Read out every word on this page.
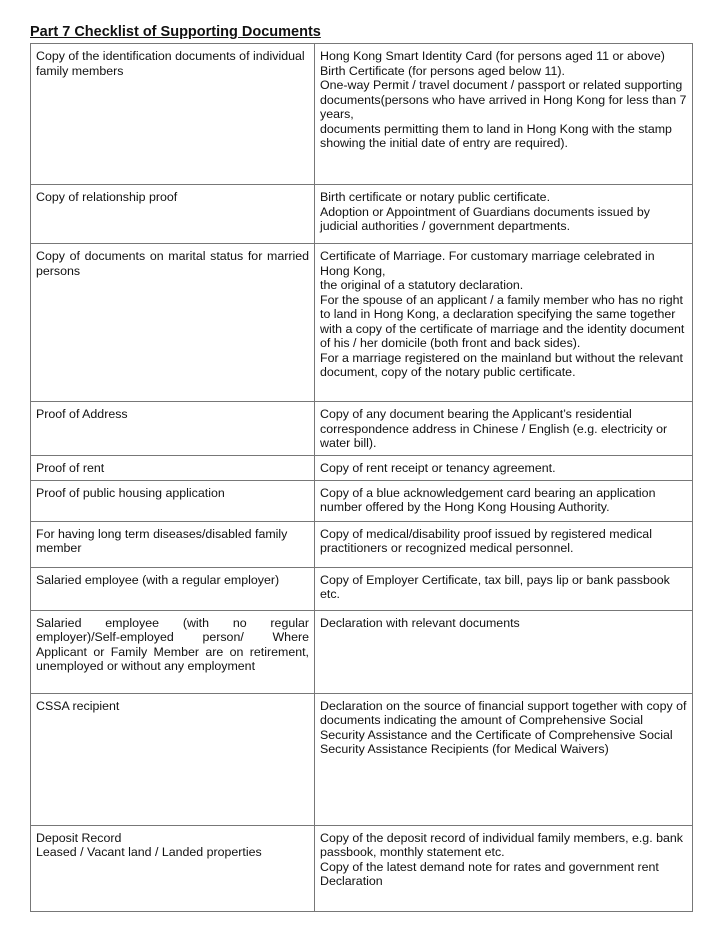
Part 7 Checklist of Supporting Documents
Copy of the identification documents of individual family members	Hong Kong Smart Identity Card (for persons aged 11 or above)
Birth Certificate (for persons aged below 11).
One-way Permit / travel document / passport or related supporting
documents(persons who have arrived in Hong Kong for less than 7 years,
documents permitting them to land in Hong Kong with the stamp showing the initial date of entry are required).

Copy of relationship proof	Birth certificate or notary public certificate.
Adoption or Appointment of Guardians documents issued by judicial authorities / government departments.

Copy of documents on marital status for married persons	Certificate of Marriage. For customary marriage celebrated in Hong Kong,
the original of a statutory declaration.
For the spouse of an applicant / a family member who has no right to land in Hong Kong, a declaration specifying the same together with a copy of the certificate of marriage and the identity document of his / her domicile (both front and back sides).
For a marriage registered on the mainland but without the relevant document, copy of the notary public certificate.

Proof of Address	Copy of any document bearing the Applicant’s residential correspondence address in Chinese / English (e.g. electricity or water bill).

Proof of rent	Copy of rent receipt or tenancy agreement.

Proof of public housing application	Copy of a blue acknowledgement card bearing an application number offered by the Hong Kong Housing Authority.

For having long term diseases/disabled family member	Copy of medical/disability proof issued by registered medical practitioners or recognized medical personnel.

Salaried employee (with a regular employer)	Copy of Employer Certificate, tax bill, pays lip or bank passbook etc.

Salaried employee (with no regular employer)/Self-employed person/ Where Applicant or Family Member are on retirement, unemployed or without any employment	Declaration with relevant documents

CSSA recipient	Declaration on the source of financial support together with copy of documents indicating the amount of Comprehensive Social Security Assistance and the Certificate of Comprehensive Social Security Assistance Recipients (for Medical Waivers)

Deposit Record
Leased / Vacant land / Landed properties	Copy of the deposit record of individual family members, e.g. bank passbook, monthly statement etc.
Copy of the latest demand note for rates and government rent
Declaration
